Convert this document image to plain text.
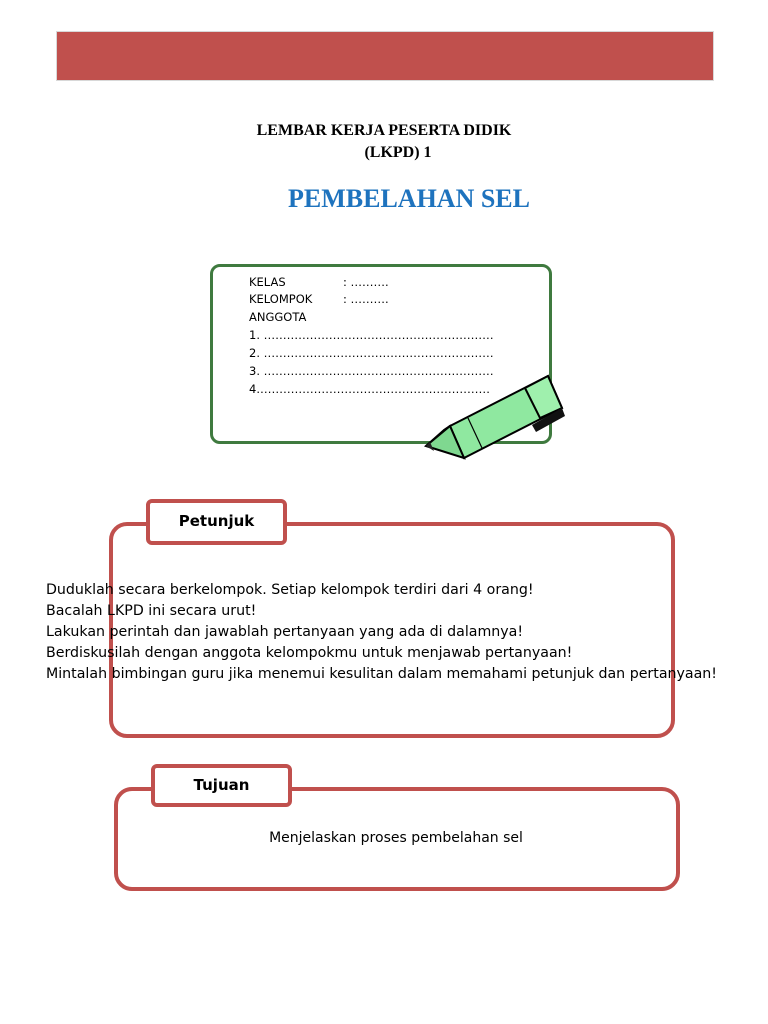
LEMBAR KERJA PESERTA DIDIK
(LKPD) 1
PEMBELAHAN SEL
KELAS	: ……….
KELOMPOK	: ……….
ANGGOTA
1. ……………………………………………………
2. ……………………………………………………
3. ……………………………………………………
4.……………………………………………………
Petunjuk
Duduklah secara berkelompok. Setiap kelompok terdiri dari 4 orang!
Bacalah LKPD ini secara urut!
Lakukan perintah dan jawablah pertanyaan yang ada di dalamnya!
Berdiskusilah dengan anggota kelompokmu untuk menjawab pertanyaan!
Mintalah bimbingan guru jika menemui kesulitan dalam memahami petunjuk dan pertanyaan!
Tujuan
Menjelaskan proses pembelahan sel
